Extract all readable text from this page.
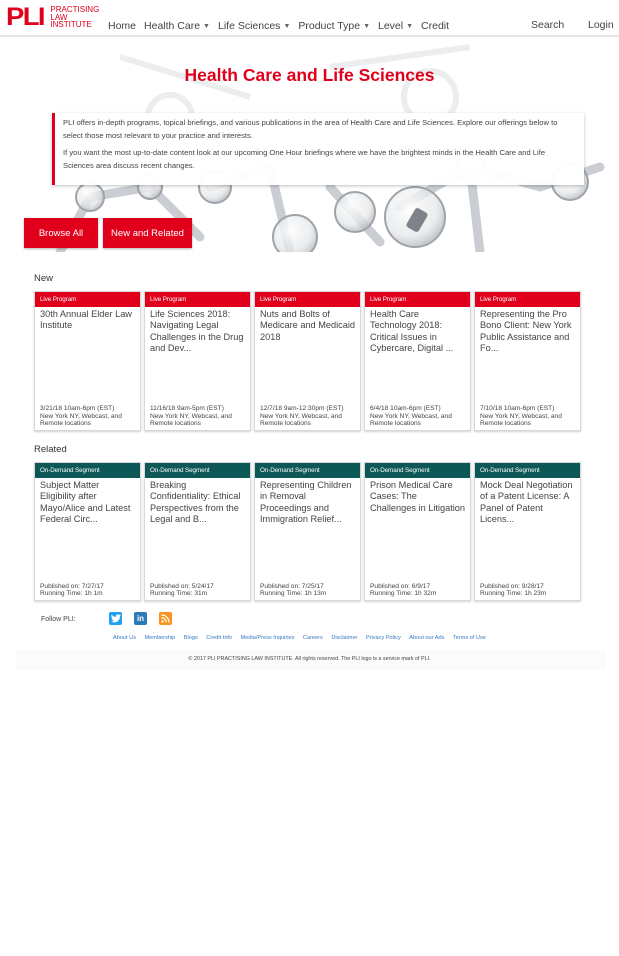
PLI PRACTISING
LAW
INSTITUTE	Home Health Care ▼ Life Sciences ▼ Product Type ▼ Level ▼ Credit	Search Login
Health Care and Life Sciences

PLI offers in-depth programs, topical briefings, and various publications in the area of Health Care and Life Sciences. Explore our offerings below to select those most relevant to your practice and interests.

If you want the most up-to-date content look at our upcoming One Hour briefings where we have the brightest minds in the Health Care and Life Sciences area discuss recent changes.

Browse All	New and Related
New
Live Program
30th Annual Elder Law Institute
3/21/18 10am-6pm (EST)
New York NY, Webcast, and
Remote locations
Live Program
Life Sciences 2018: Navigating Legal Challenges in the Drug and Dev...
11/16/18 9am-5pm (EST)
New York NY, Webcast, and
Remote locations
Live Program
Nuts and Bolts of Medicare and Medicaid 2018
12/7/18 9am-12:30pm (EST)
New York NY, Webcast, and
Remote locations
Live Program
Health Care Technology 2018: Critical Issues in Cybercare, Digital ...
6/4/18 10am-6pm (EST)
New York NY, Webcast, and
Remote locations
Live Program
Representing the Pro Bono Client: New York Public Assistance and Fo...
7/10/18 10am-6pm (EST)
New York NY, Webcast, and
Remote locations
Related
On-Demand Segment
Subject Matter Eligibility after Mayo/Alice and Latest Federal Circ...
Published on: 7/27/17
Running Time: 1h 1m
On-Demand Segment
Breaking Confidentiality: Ethical Perspectives from the Legal and B...
Published on: 5/24/17
Running Time: 31m
On-Demand Segment
Representing Children in Removal Proceedings and Immigration Relief...
Published on: 7/25/17
Running Time: 1h 13m
On-Demand Segment
Prison Medical Care Cases: The Challenges in Litigation
Published on: 6/9/17
Running Time: 1h 32m
On-Demand Segment
Mock Deal Negotiation of a Patent License: A Panel of Patent Licens...
Published on: 9/28/17
Running Time: 1h 23m
Follow PLI:	in
About Us Membership Blogs Credit Info Media/Press Inquiries Careers Disclaimer Privacy Policy About our Ads Terms of Use
© 2017 PLI PRACTISING LAW INSTITUTE. All rights reserved. The PLI logo is a service mark of PLI.
